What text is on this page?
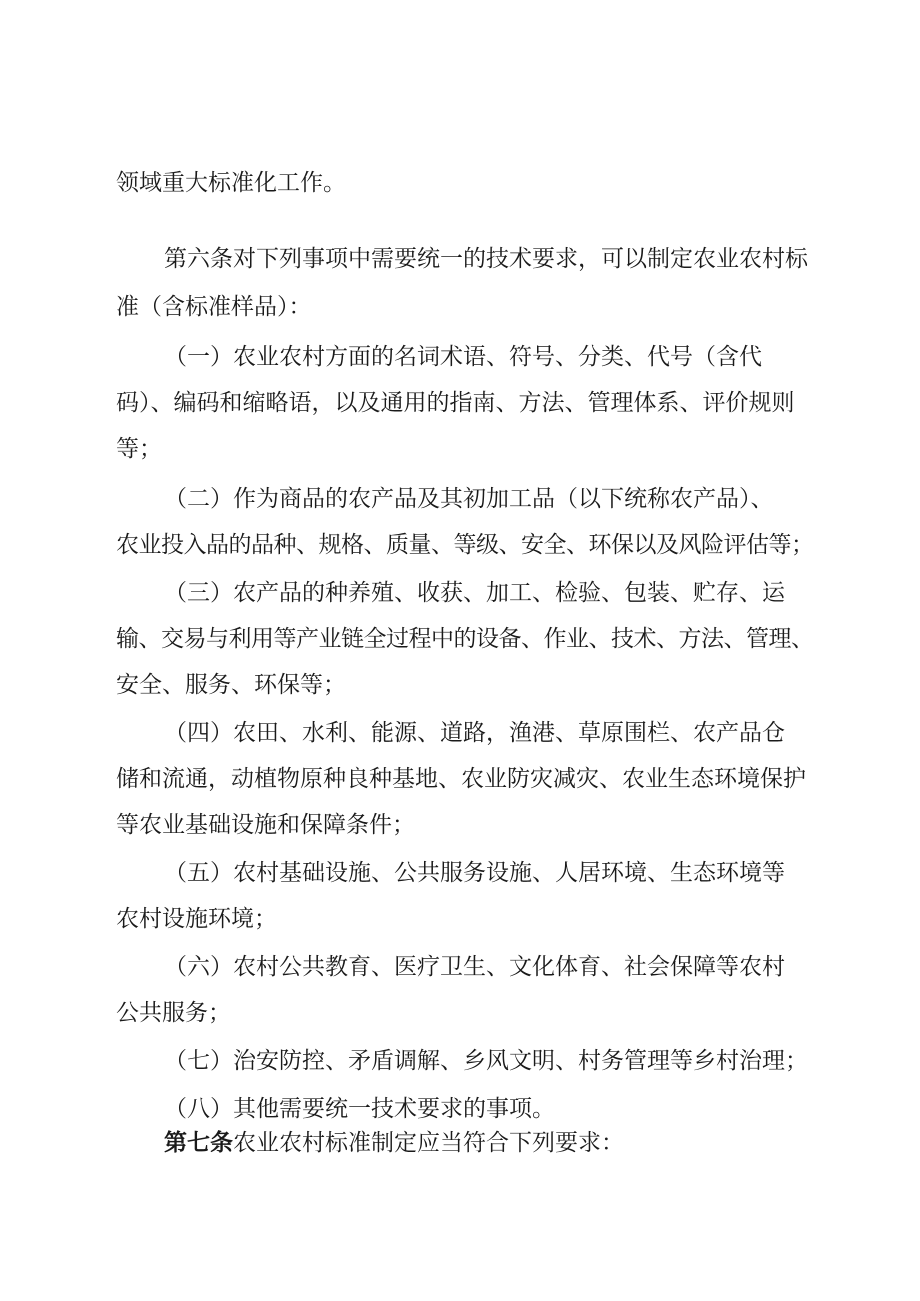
领域重大标准化工作。
第六条对下列事项中需要统一的技术要求，可以制定农业农村标
准（含标准样品）：
（一）农业农村方面的名词术语、符号、分类、代号（含代
码）、编码和缩略语，以及通用的指南、方法、管理体系、评价规则
等；
（二）作为商品的农产品及其初加工品（以下统称农产品）、
农业投入品的品种、规格、质量、等级、安全、环保以及风险评估等；
（三）农产品的种养殖、收获、加工、检验、包装、贮存、运
输、交易与利用等产业链全过程中的设备、作业、技术、方法、管理、
安全、服务、环保等；
（四）农田、水利、能源、道路，渔港、草原围栏、农产品仓
储和流通，动植物原种良种基地、农业防灾减灾、农业生态环境保护
等农业基础设施和保障条件；
（五）农村基础设施、公共服务设施、人居环境、生态环境等
农村设施环境；
（六）农村公共教育、医疗卫生、文化体育、社会保障等农村
公共服务；
（七）治安防控、矛盾调解、乡风文明、村务管理等乡村治理；
（八）其他需要统一技术要求的事项。
第七条农业农村标准制定应当符合下列要求：
